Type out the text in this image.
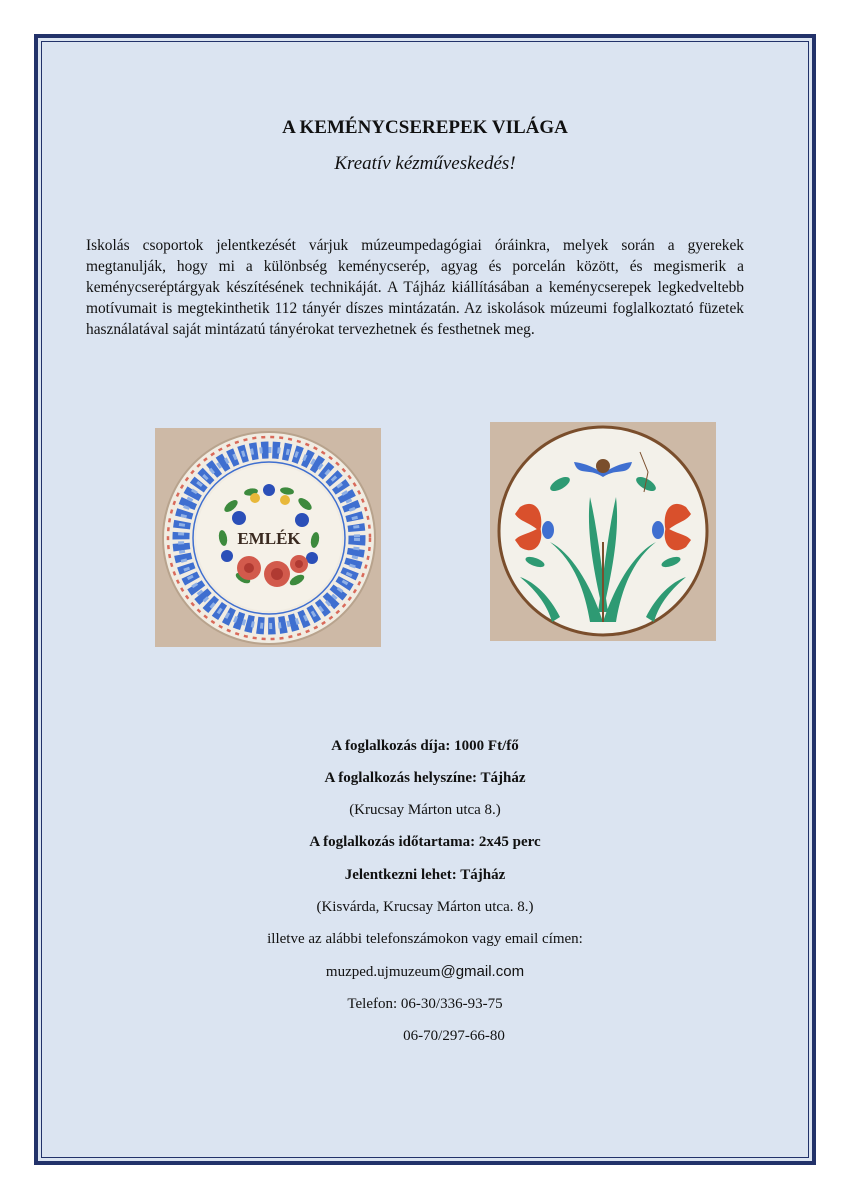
A KEMÉNYCSEREPEK VILÁGA
Kreatív kézműveskedés!

Iskolás csoportok jelentkezését várjuk múzeumpedagógiai óráinkra, melyek során a gyerekek megtanulják, hogy mi a különbség keménycserép, agyag és porcelán között, és megismerik a keménycseréptárgyak készítésének technikáját. A Tájház kiállításában a keménycserepek legkedveltebb motívumait is megtekinthetik 112 tányér díszes mintázatán. Az iskolások múzeumi foglalkoztató füzetek használatával saját mintázatú tányérokat tervezhetnek és festhetnek meg.

EMLÉK
A foglalkozás díja: 1000 Ft/fő
A foglalkozás helyszíne: Tájház
(Krucsay Márton utca 8.)
A foglalkozás időtartama: 2x45 perc
Jelentkezni lehet: Tájház
(Kisvárda, Krucsay Márton utca. 8.)
illetve az alábbi telefonszámokon vagy email címen:
muzped.ujmuzeum@gmail.com
Telefon: 06-30/336-93-75
06-70/297-66-80
